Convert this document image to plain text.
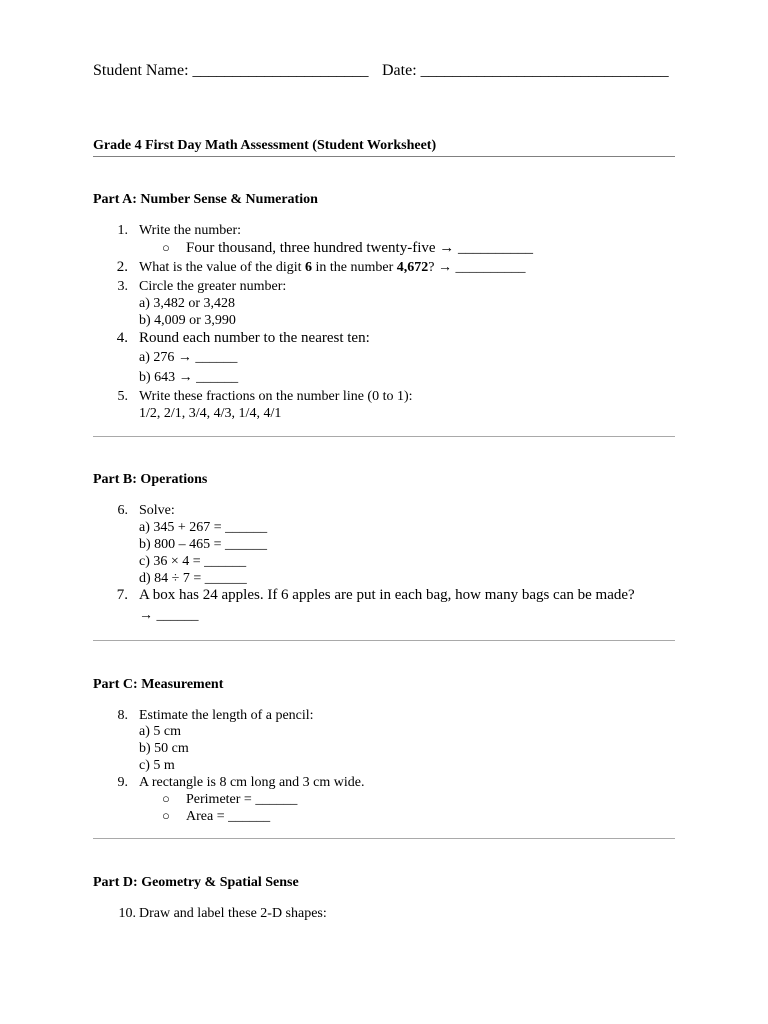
Student Name: ______________________ Date: _______________________________
Grade 4 First Day Math Assessment (Student Worksheet)
Part A: Number Sense & Numeration
1. Write the number:
○ Four thousand, three hundred twenty-five → __________
2. What is the value of the digit 6 in the number 4,672? → __________
3. Circle the greater number:
a) 3,482 or 3,428
b) 4,009 or 3,990
4. Round each number to the nearest ten:
a) 276 → ______
b) 643 → ______
5. Write these fractions on the number line (0 to 1):
1/2, 2/1, 3/4, 4/3, 1/4, 4/1
Part B: Operations
6. Solve:
a) 345 + 267 = ______
b) 800 – 465 = ______
c) 36 × 4 = ______
d) 84 ÷ 7 = ______
7. A box has 24 apples. If 6 apples are put in each bag, how many bags can be made?
→ ______
Part C: Measurement
8. Estimate the length of a pencil:
a) 5 cm
b) 50 cm
c) 5 m
9. A rectangle is 8 cm long and 3 cm wide.
○ Perimeter = ______
○ Area = ______
Part D: Geometry & Spatial Sense
10. Draw and label these 2-D shapes:
